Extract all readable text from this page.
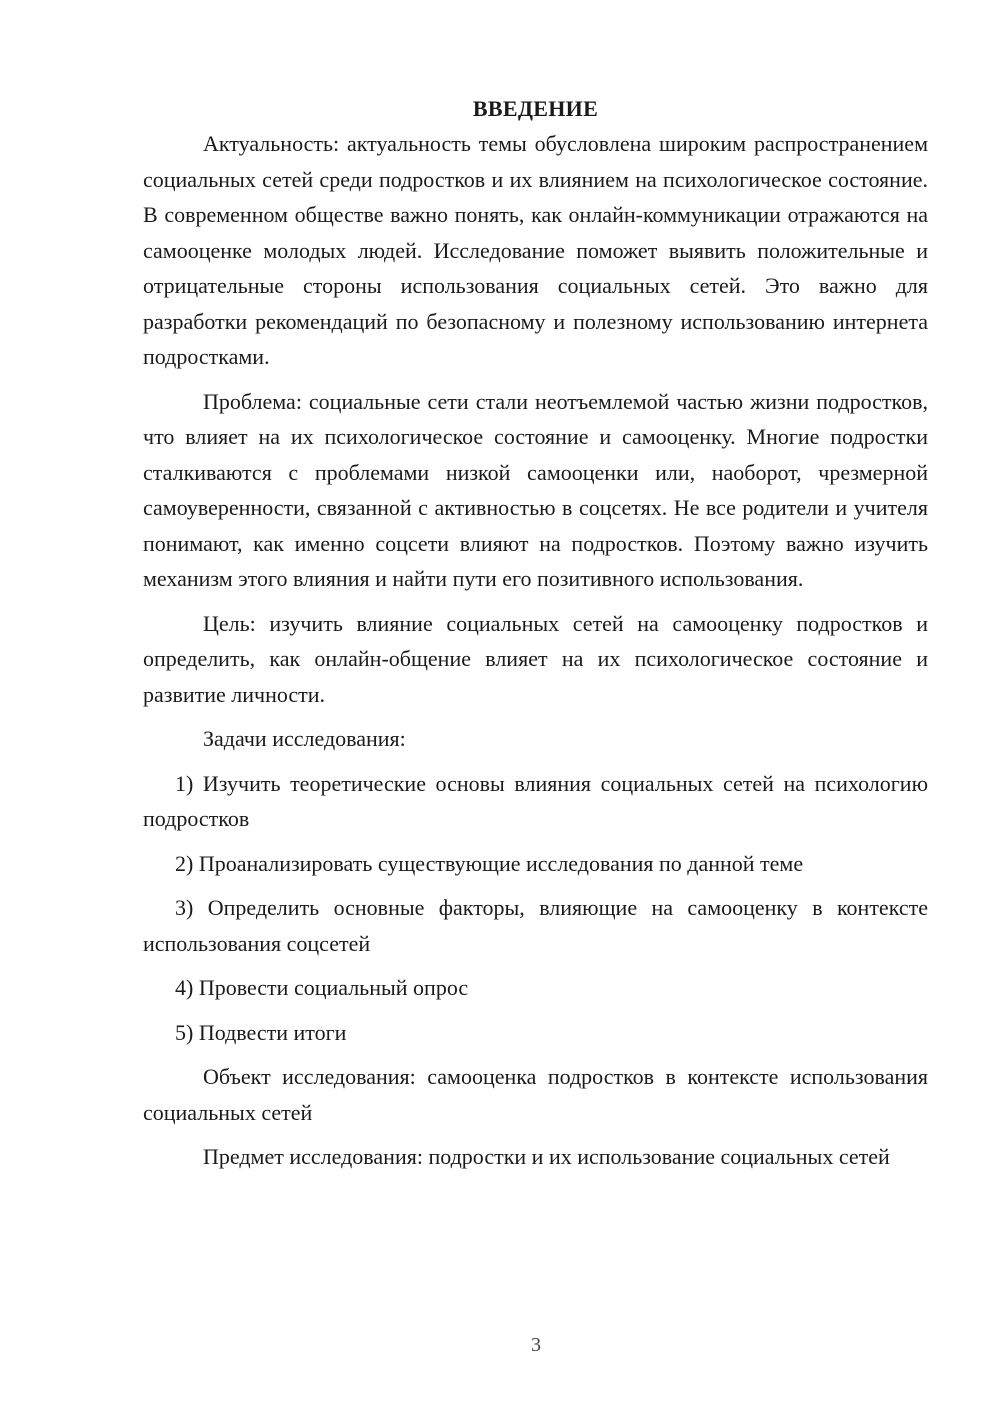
ВВЕДЕНИЕ

Актуальность: актуальность темы обусловлена широким распространением социальных сетей среди подростков и их влиянием на психологическое состояние. В современном обществе важно понять, как онлайн-коммуникации отражаются на самооценке молодых людей. Исследование поможет выявить положительные и отрицательные стороны использования социальных сетей. Это важно для разработки рекомендаций по безопасному и полезному использованию интернета подростками.

Проблема: социальные сети стали неотъемлемой частью жизни подростков, что влияет на их психологическое состояние и самооценку. Многие подростки сталкиваются с проблемами низкой самооценки или, наоборот, чрезмерной самоуверенности, связанной с активностью в соцсетях. Не все родители и учителя понимают, как именно соцсети влияют на подростков. Поэтому важно изучить механизм этого влияния и найти пути его позитивного использования.

Цель: изучить влияние социальных сетей на самооценку подростков и определить, как онлайн-общение влияет на их психологическое состояние и развитие личности.

Задачи исследования:

1) Изучить теоретические основы влияния социальных сетей на психологию подростков

2) Проанализировать существующие исследования по данной теме

3) Определить основные факторы, влияющие на самооценку в контексте использования соцсетей

4) Провести социальный опрос

5) Подвести итоги

Объект исследования: самооценка подростков в контексте использования социальных сетей

Предмет исследования: подростки и их использование социальных сетей

3
